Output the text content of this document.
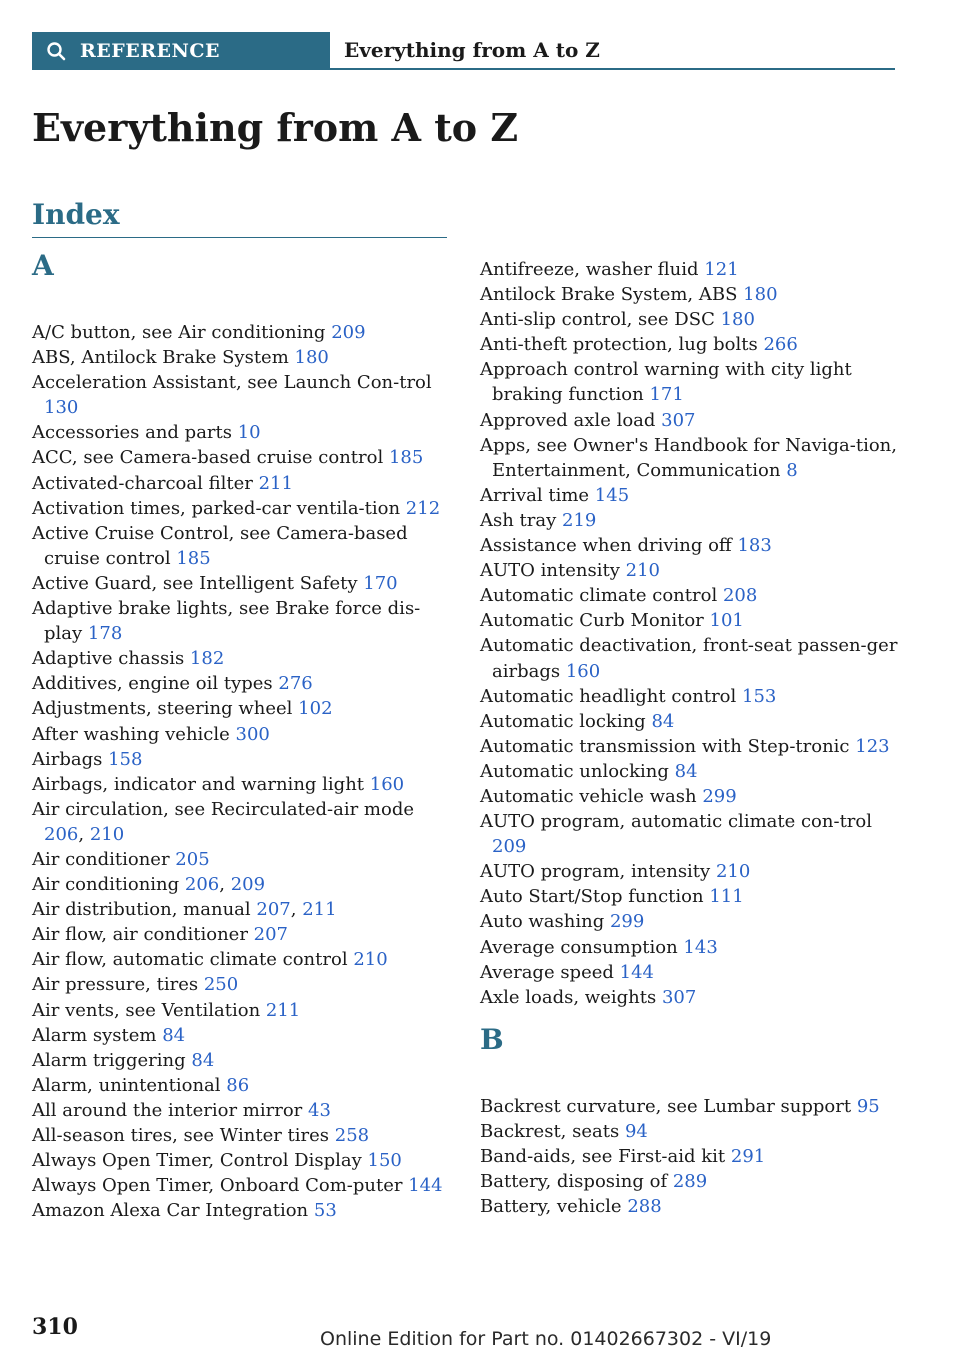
REFERENCE	Everything from A to Z
Everything from A to Z
Index
A
A/C button, see Air conditioning 209
ABS, Antilock Brake System 180
Acceleration Assistant, see Launch Con-trol 130
Accessories and parts 10
ACC, see Camera-based cruise control 185
Activated-charcoal filter 211
Activation times, parked-car ventila-tion 212
Active Cruise Control, see Camera-based cruise control 185
Active Guard, see Intelligent Safety 170
Adaptive brake lights, see Brake force dis-play 178
Adaptive chassis 182
Additives, engine oil types 276
Adjustments, steering wheel 102
After washing vehicle 300
Airbags 158
Airbags, indicator and warning light 160
Air circulation, see Recirculated-air mode 206, 210
Air conditioner 205
Air conditioning 206, 209
Air distribution, manual 207, 211
Air flow, air conditioner 207
Air flow, automatic climate control 210
Air pressure, tires 250
Air vents, see Ventilation 211
Alarm system 84
Alarm triggering 84
Alarm, unintentional 86
All around the interior mirror 43
All-season tires, see Winter tires 258
Always Open Timer, Control Display 150
Always Open Timer, Onboard Com-puter 144
Amazon Alexa Car Integration 53
Antifreeze, washer fluid 121
Antilock Brake System, ABS 180
Anti-slip control, see DSC 180
Anti-theft protection, lug bolts 266
Approach control warning with city light braking function 171
Approved axle load 307
Apps, see Owner's Handbook for Naviga-tion, Entertainment, Communication 8
Arrival time 145
Ash tray 219
Assistance when driving off 183
AUTO intensity 210
Automatic climate control 208
Automatic Curb Monitor 101
Automatic deactivation, front-seat passen-ger airbags 160
Automatic headlight control 153
Automatic locking 84
Automatic transmission with Step-tronic 123
Automatic unlocking 84
Automatic vehicle wash 299
AUTO program, automatic climate con-trol 209
AUTO program, intensity 210
Auto Start/Stop function 111
Auto washing 299
Average consumption 143
Average speed 144
Axle loads, weights 307
B
Backrest curvature, see Lumbar support 95
Backrest, seats 94
Band-aids, see First-aid kit 291
Battery, disposing of 289
Battery, vehicle 288
310	Online Edition for Part no. 01402667302 - VI/19
